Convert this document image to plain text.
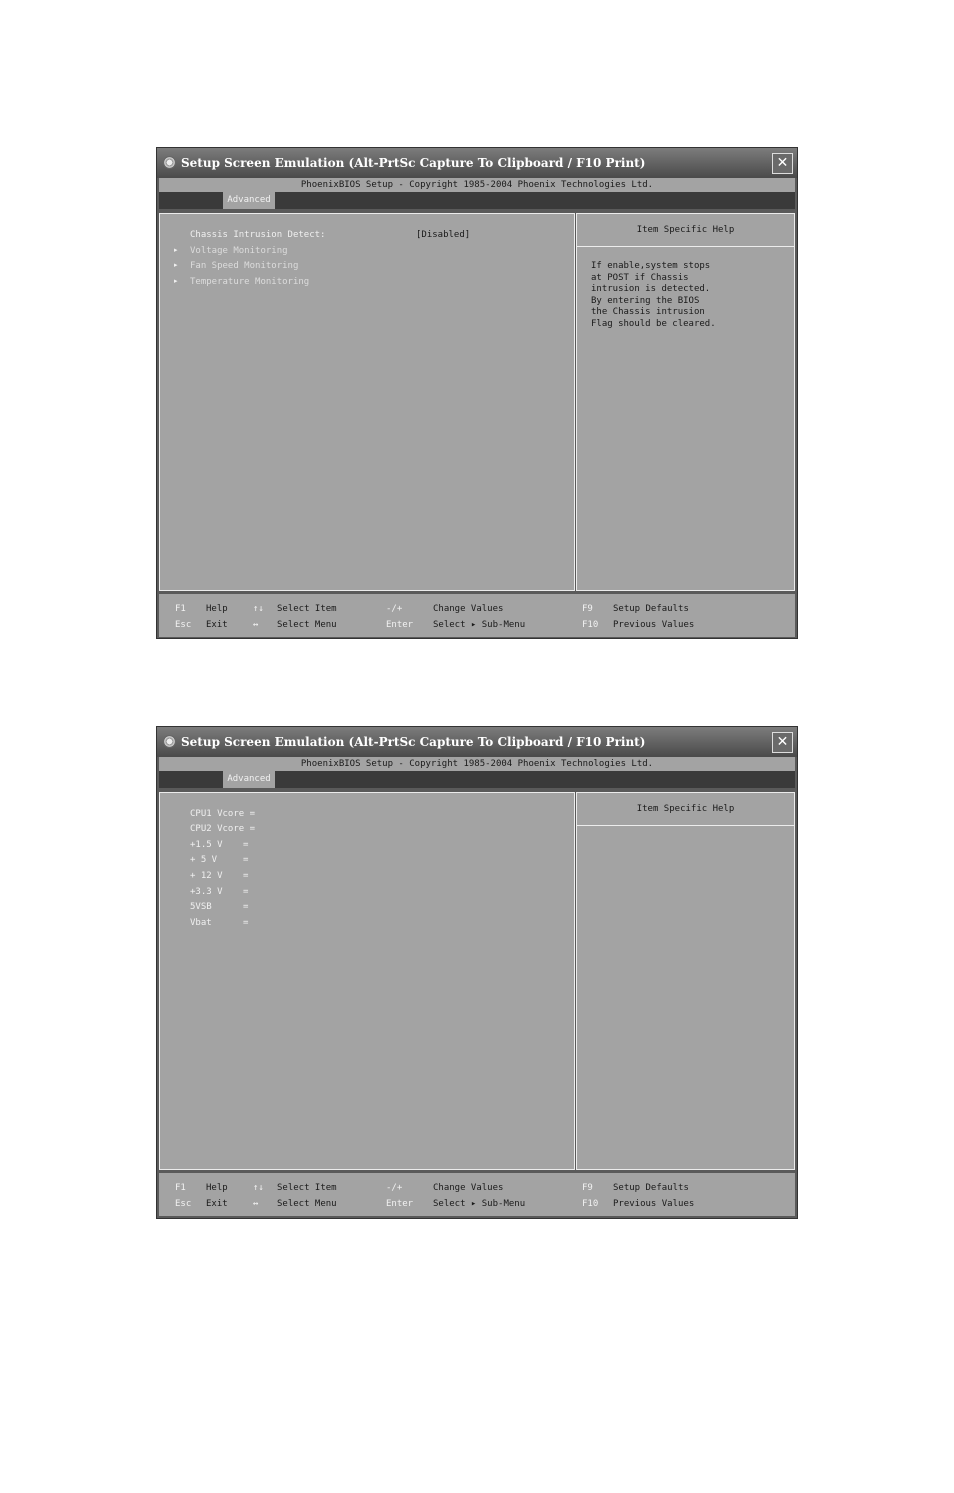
Setup Screen Emulation (Alt-PrtSc Capture To Clipboard / F10 Print)	✕
PhoenixBIOS Setup - Copyright 1985-2004 Phoenix Technologies Ltd.
Advanced
Chassis Intrusion Detect:	[Disabled]
▸ Voltage Monitoring
▸ Fan Speed Monitoring
▸ Temperature Monitoring
Item Specific Help
If enable,system stops
at POST if Chassis
intrusion is detected.
By entering the BIOS
the Chassis intrusion
Flag should be cleared.
F1 Help	↑↓ Select Item	-/+	Change Values	F9 Setup Defaults
Esc Exit	↔ Select Menu	Enter Select ▸ Sub-Menu	F10 Previous Values
Setup Screen Emulation (Alt-PrtSc Capture To Clipboard / F10 Print)	✕
PhoenixBIOS Setup - Copyright 1985-2004 Phoenix Technologies Ltd.
Advanced
CPU1 Vcore =
CPU2 Vcore =
+1.5 V =
+ 5 V	=
+ 12 V =
+3.3 V =
5VSB	=
Vbat	=
Item Specific Help
F1 Help	↑↓ Select Item	-/+	Change Values	F9 Setup Defaults
Esc Exit	↔ Select Menu	Enter Select ▸ Sub-Menu	F10 Previous Values
